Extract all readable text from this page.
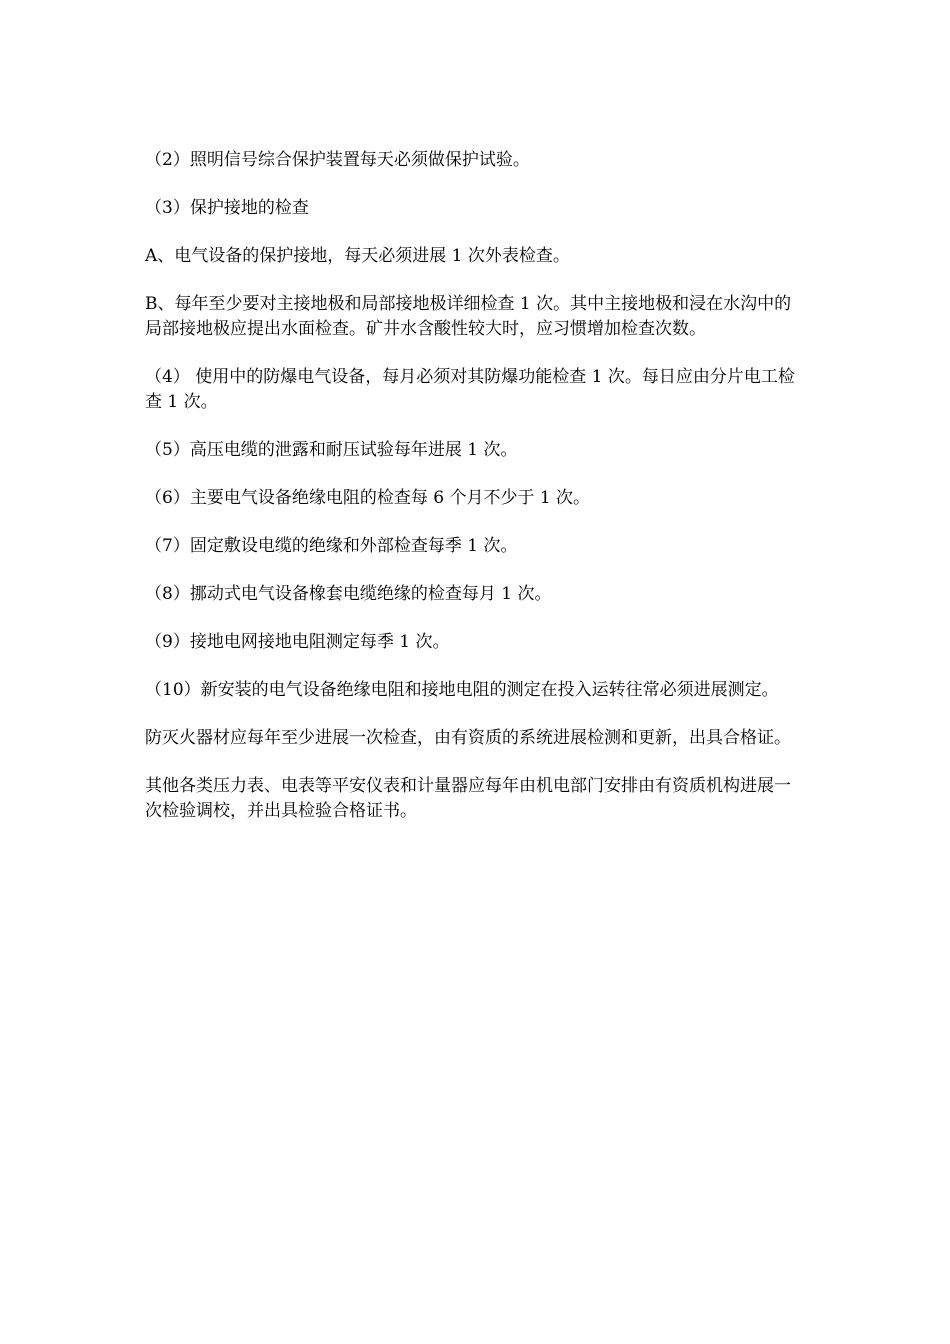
（2）照明信号综合保护装置每天必须做保护试验。

（3）保护接地的检查

A、电气设备的保护接地，每天必须进展 1 次外表检查。

B、每年至少要对主接地极和局部接地极详细检查 1 次。其中主接地极和浸在水沟中的局部接地极应提出水面检查。矿井水含酸性较大时，应习惯增加检查次数。

（4） 使用中的防爆电气设备，每月必须对其防爆功能检查 1 次。每日应由分片电工检查 1 次。

（5）高压电缆的泄露和耐压试验每年进展 1 次。

（6）主要电气设备绝缘电阻的检查每 6 个月不少于 1 次。

（7）固定敷设电缆的绝缘和外部检查每季 1 次。

（8）挪动式电气设备橡套电缆绝缘的检查每月 1 次。

（9）接地电网接地电阻测定每季 1 次。

（10）新安装的电气设备绝缘电阻和接地电阻的测定在投入运转往常必须进展测定。

防灭火器材应每年至少进展一次检查，由有资质的系统进展检测和更新，出具合格证。

其他各类压力表、电表等平安仪表和计量器应每年由机电部门安排由有资质机构进展一次检验调校，并出具检验合格证书。
